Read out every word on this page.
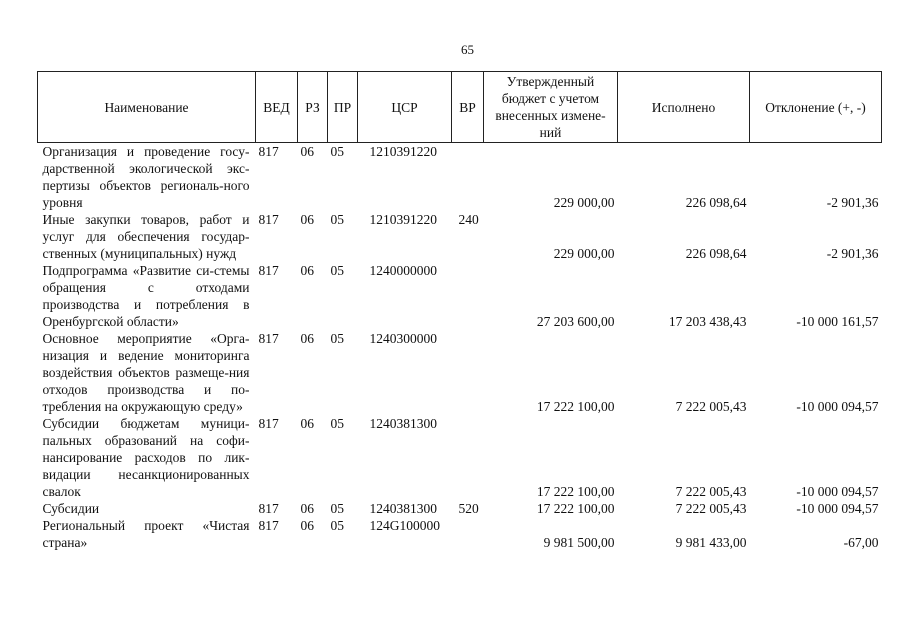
65
Наименование	ВЕД	РЗ	ПР	ЦСР	ВР	Утвержденный бюджет с учетом внесенных измене-ний	Исполнено	Отклонение (+, -)
Организация и проведение госу-дарственной экологической экс-пертизы объектов региональ-ного уровня	817	06	05	1210391220		229 000,00	226 098,64	-2 901,36
Иные закупки товаров, работ и услуг для обеспечения государ-ственных (муниципальных) нужд	817	06	05	1210391220	240	229 000,00	226 098,64	-2 901,36
Подпрограмма «Развитие си-стемы обращения с отходами производства и потребления в Оренбургской области»	817	06	05	1240000000		27 203 600,00	17 203 438,43	-10 000 161,57
Основное мероприятие «Орга-низация и ведение мониторинга воздействия объектов размеще-ния отходов производства и по-требления на окружающую среду»	817	06	05	1240300000		17 222 100,00	7 222 005,43	-10 000 094,57
Субсидии бюджетам муници-пальных образований на софи-нансирование расходов по лик-видации несанкционированных свалок	817	06	05	1240381300		17 222 100,00	7 222 005,43	-10 000 094,57
Субсидии	817	06	05	1240381300	520	17 222 100,00	7 222 005,43	-10 000 094,57
Региональный проект «Чистая страна»	817	06	05	124G100000		9 981 500,00	9 981 433,00	-67,00
